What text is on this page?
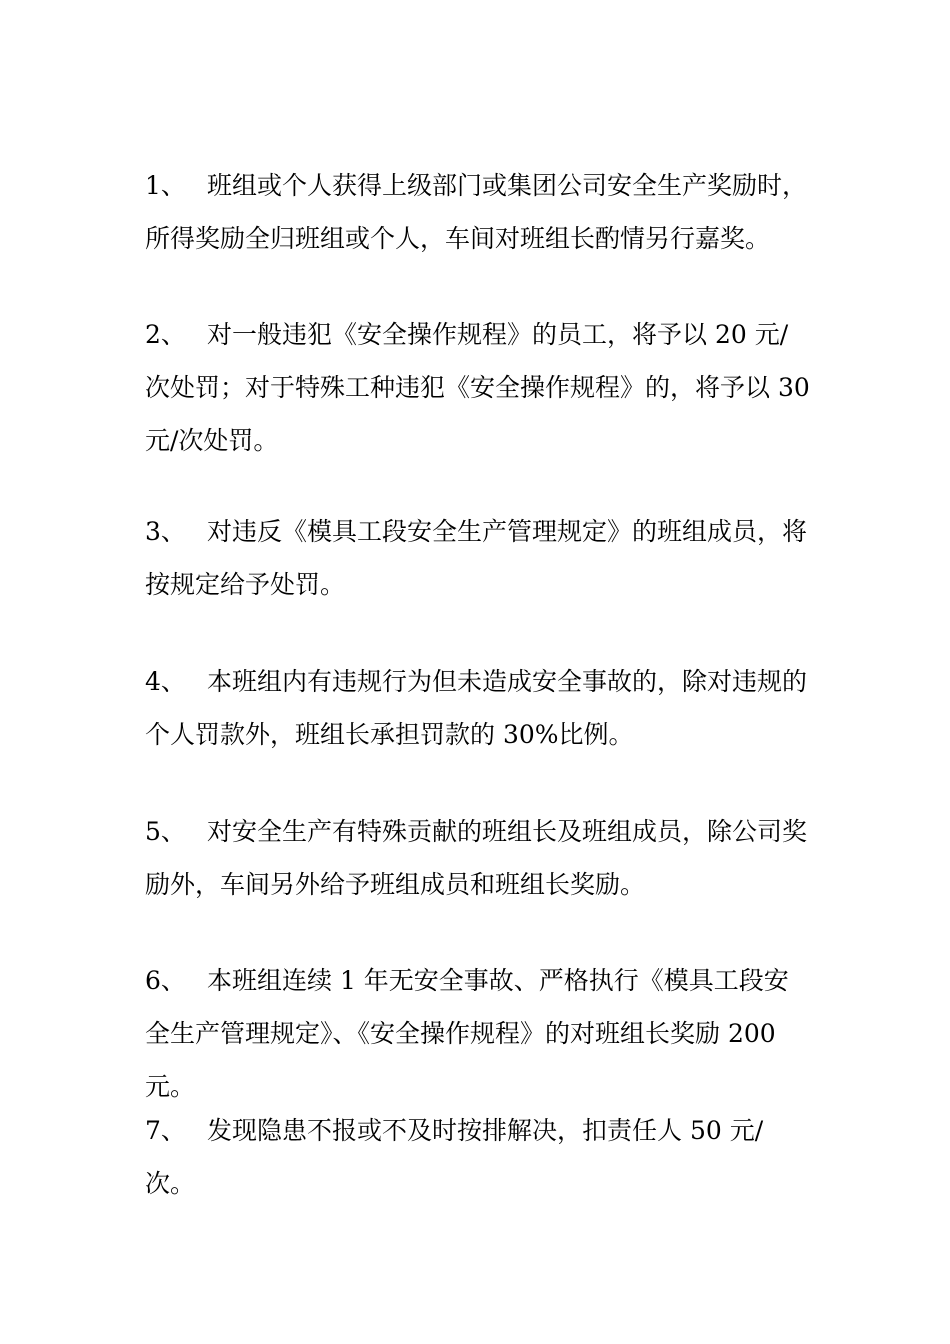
1、 班组或个人获得上级部门或集团公司安全生产奖励时，所得奖励全归班组或个人，车间对班组长酌情另行嘉奖。

2、 对一般违犯《安全操作规程》的员工，将予以 20 元/次处罚；对于特殊工种违犯《安全操作规程》的，将予以 30 元/次处罚。

3、 对违反《模具工段安全生产管理规定》的班组成员，将按规定给予处罚。

4、 本班组内有违规行为但未造成安全事故的，除对违规的个人罚款外，班组长承担罚款的 30%比例。

5、 对安全生产有特殊贡献的班组长及班组成员，除公司奖励外，车间另外给予班组成员和班组长奖励。

6、 本班组连续 1 年无安全事故、严格执行《模具工段安全生产管理规定》、《安全操作规程》的对班组长奖励 200 元。

7、 发现隐患不报或不及时按排解决，扣责任人 50 元/次。
